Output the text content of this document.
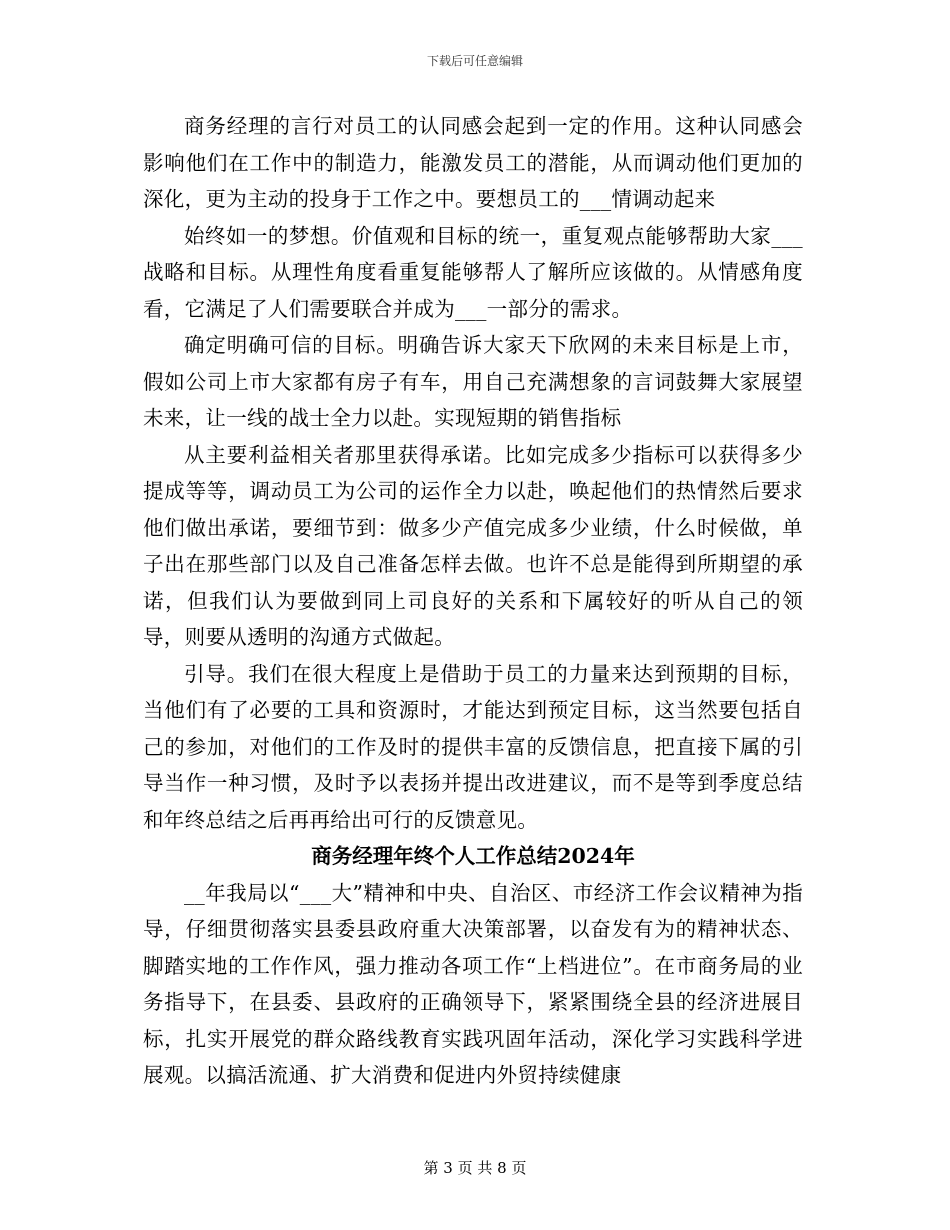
下载后可任意编辑

商务经理的言行对员工的认同感会起到一定的作用。这种认同感会影响他们在工作中的制造力，能激发员工的潜能，从而调动他们更加的深化，更为主动的投身于工作之中。要想员工的___情调动起来

始终如一的梦想。价值观和目标的统一，重复观点能够帮助大家___战略和目标。从理性角度看重复能够帮人了解所应该做的。从情感角度看，它满足了人们需要联合并成为___一部分的需求。

确定明确可信的目标。明确告诉大家天下欣网的未来目标是上市，假如公司上市大家都有房子有车，用自己充满想象的言词鼓舞大家展望未来，让一线的战士全力以赴。实现短期的销售指标

从主要利益相关者那里获得承诺。比如完成多少指标可以获得多少提成等等，调动员工为公司的运作全力以赴，唤起他们的热情然后要求他们做出承诺，要细节到：做多少产值完成多少业绩，什么时候做，单子出在那些部门以及自己准备怎样去做。也许不总是能得到所期望的承诺，但我们认为要做到同上司良好的关系和下属较好的听从自己的领导，则要从透明的沟通方式做起。

引导。我们在很大程度上是借助于员工的力量来达到预期的目标，当他们有了必要的工具和资源时，才能达到预定目标，这当然要包括自己的参加，对他们的工作及时的提供丰富的反馈信息，把直接下属的引导当作一种习惯，及时予以表扬并提出改进建议，而不是等到季度总结和年终总结之后再再给出可行的反馈意见。

商务经理年终个人工作总结2024年

__年我局以“___大”精神和中央、自治区、市经济工作会议精神为指导，仔细贯彻落实县委县政府重大决策部署，以奋发有为的精神状态、脚踏实地的工作作风，强力推动各项工作“上档进位”。在市商务局的业务指导下，在县委、县政府的正确领导下，紧紧围绕全县的经济进展目标，扎实开展党的群众路线教育实践巩固年活动，深化学习实践科学进展观。以搞活流通、扩大消费和促进内外贸持续健康

第 3 页 共 8 页
